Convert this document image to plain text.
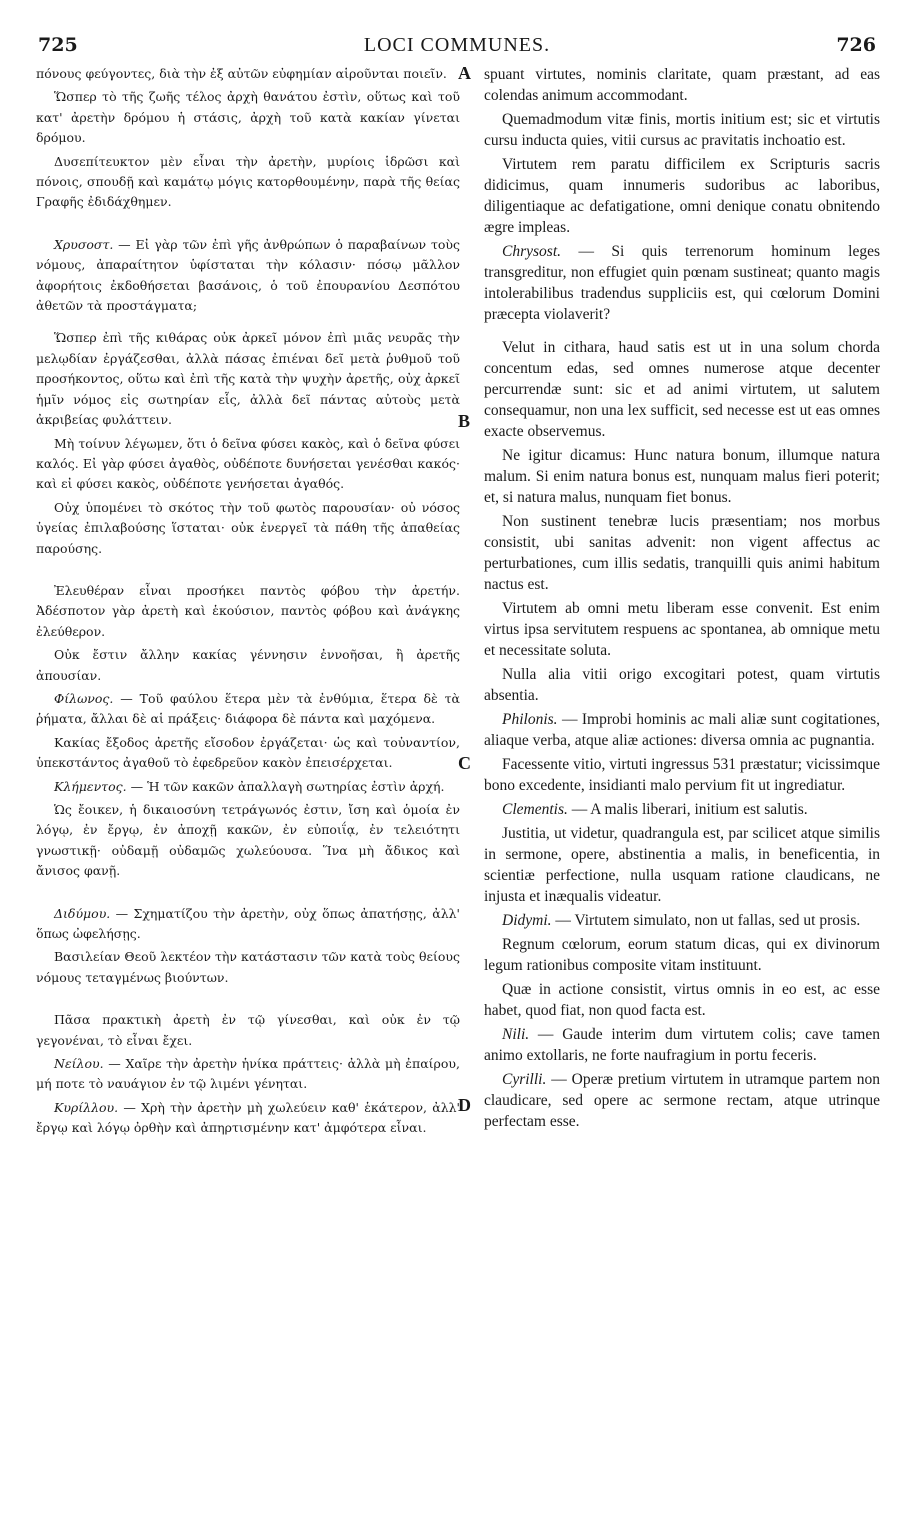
725	LOCI COMMUNES.	726

πόνους φεύγοντες, διὰ τὴν ἐξ αὐτῶν εὐφημίαν αἱροῦνται ποιεῖν.

Ὥσπερ τὸ τῆς ζωῆς τέλος ἀρχὴ θανάτου ἐστὶν, οὕτως καὶ τοῦ κατ' ἀρετὴν δρόμου ἡ στάσις, ἀρχὴ τοῦ κατὰ κακίαν γίνεται δρόμου.

Δυσεπίτευκτον μὲν εἶναι τὴν ἀρετὴν, μυρίοις ἱδρῶσι καὶ πόνοις, σπουδῇ καὶ καμάτῳ μόγις κατορθουμένην, παρὰ τῆς θείας Γραφῆς ἐδιδάχθημεν.

Χρυσοστ. — Εἰ γὰρ τῶν ἐπὶ γῆς ἀνθρώπων ὁ παραβαίνων τοὺς νόμους, ἀπαραίτητον ὑφίσταται τὴν κόλασιν· πόσῳ μᾶλλον ἀφορήτοις ἐκδοθήσεται βασάνοις, ὁ τοῦ ἐπουρανίου Δεσπότου ἀθετῶν τὰ προστάγματα;

Ὥσπερ ἐπὶ τῆς κιθάρας οὐκ ἀρκεῖ μόνον ἐπὶ μιᾶς νευρᾶς τὴν μελῳδίαν ἐργάζεσθαι, ἀλλὰ πάσας ἐπιέναι δεῖ μετὰ ῥυθμοῦ τοῦ προσήκοντος, οὕτω καὶ ἐπὶ τῆς κατὰ τὴν ψυχὴν ἀρετῆς, οὐχ ἀρκεῖ ἡμῖν νόμος εἰς σωτηρίαν εἷς, ἀλλὰ δεῖ πάντας αὐτοὺς μετὰ ἀκριβείας φυλάττειν.

Μὴ τοίνυν λέγωμεν, ὅτι ὁ δεῖνα φύσει κακὸς, καὶ ὁ δεῖνα φύσει καλός. Εἰ γὰρ φύσει ἀγαθὸς, οὐδέποτε δυνήσεται γενέσθαι κακός· καὶ εἰ φύσει κακὸς, οὐδέποτε γενήσεται ἀγαθός.

Οὐχ ὑπομένει τὸ σκότος τὴν τοῦ φωτὸς παρουσίαν· οὐ νόσος ὑγείας ἐπιλαβούσης ἵσταται· οὐκ ἐνεργεῖ τὰ πάθη τῆς ἀπαθείας παρούσης.

Ἐλευθέραν εἶναι προσήκει παντὸς φόβου τὴν ἀρετήν. Ἀδέσποτον γὰρ ἀρετὴ καὶ ἑκούσιον, παντὸς φόβου καὶ ἀνάγκης ἐλεύθερον.

Οὐκ ἔστιν ἄλλην κακίας γέννησιν ἐννοῆσαι, ἢ ἀρετῆς ἀπουσίαν.

Φίλωνος. — Τοῦ φαύλου ἕτερα μὲν τὰ ἐνθύμια, ἕτερα δὲ τὰ ῥήματα, ἄλλαι δὲ αἱ πράξεις· διάφορα δὲ πάντα καὶ μαχόμενα.

Κακίας ἔξοδος ἀρετῆς εἴσοδον ἐργάζεται· ὡς καὶ τοὐναντίον, ὑπεκστάντος ἀγαθοῦ τὸ ἐφεδρεῦον κακὸν ἐπεισέρχεται.

Κλήμεντος. — Ἡ τῶν κακῶν ἀπαλλαγὴ σωτηρίας ἐστὶν ἀρχή.

Ὡς ἔοικεν, ἡ δικαιοσύνη τετράγωνός ἐστιν, ἴση καὶ ὁμοία ἐν λόγῳ, ἐν ἔργῳ, ἐν ἀποχῇ κακῶν, ἐν εὐποιΐᾳ, ἐν τελειότητι γνωστικῇ· οὐδαμῇ οὐδαμῶς χωλεύουσα. Ἵνα μὴ ἄδικος καὶ ἄνισος φανῇ.

Διδύμου. — Σχηματίζου τὴν ἀρετὴν, οὐχ ὅπως ἀπατήσῃς, ἀλλ' ὅπως ὠφελήσῃς.

Βασιλείαν Θεοῦ λεκτέον τὴν κατάστασιν τῶν κατὰ τοὺς θείους νόμους τεταγμένως βιούντων.

Πᾶσα πρακτικὴ ἀρετὴ ἐν τῷ γίνεσθαι, καὶ οὐκ ἐν τῷ γεγονέναι, τὸ εἶναι ἔχει.

Νείλου. — Χαῖρε τὴν ἀρετὴν ἡνίκα πράττεις· ἀλλὰ μὴ ἐπαίρου, μή ποτε τὸ ναυάγιον ἐν τῷ λιμένι γένηται.

Κυρίλλου. — Χρὴ τὴν ἀρετὴν μὴ χωλεύειν καθ' ἑκάτερον, ἀλλ' ἔργῳ καὶ λόγῳ ὀρθὴν καὶ ἀπηρτισμένην κατ' ἀμφότερα εἶναι.

A
B
C
D

spuant virtutes, nominis claritate, quam præstant, ad eas colendas animum accommodant.

Quemadmodum vitæ finis, mortis initium est; sic et virtutis cursu inducta quies, vitii cursus ac pravitatis inchoatio est.

Virtutem rem paratu difficilem ex Scripturis sacris didicimus, quam innumeris sudoribus ac laboribus, diligentiaque ac defatigatione, omni denique conatu obnitendo ægre impleas.

Chrysost. — Si quis terrenorum hominum leges transgreditur, non effugiet quin pœnam sustineat; quanto magis intolerabilibus tradendus suppliciis est, qui cœlorum Domini præcepta violaverit?

Velut in cithara, haud satis est ut in una solum chorda concentum edas, sed omnes numerose atque decenter percurrendæ sunt: sic et ad animi virtutem, ut salutem consequamur, non una lex sufficit, sed necesse est ut eas omnes exacte observemus.

Ne igitur dicamus: Hunc natura bonum, illumque natura malum. Si enim natura bonus est, nunquam malus fieri poterit; et, si natura malus, nunquam fiet bonus.

Non sustinent tenebræ lucis præsentiam; nos morbus consistit, ubi sanitas advenit: non vigent affectus ac perturbationes, cum illis sedatis, tranquilli quis animi habitum nactus est.

Virtutem ab omni metu liberam esse convenit. Est enim virtus ipsa servitutem respuens ac spontanea, ab omnique metu et necessitate soluta.

Nulla alia vitii origo excogitari potest, quam virtutis absentia.

Philonis. — Improbi hominis ac mali aliæ sunt cogitationes, aliaque verba, atque aliæ actiones: diversa omnia ac pugnantia.

Facessente vitio, virtuti ingressus 531 præstatur; vicissimque bono excedente, insidianti malo pervium fit ut ingrediatur.

Clementis. — A malis liberari, initium est salutis.

Justitia, ut videtur, quadrangula est, par scilicet atque similis in sermone, opere, abstinentia a malis, in beneficentia, in scientiæ perfectione, nulla usquam ratione claudicans, ne injusta et inæqualis videatur.

Didymi. — Virtutem simulato, non ut fallas, sed ut prosis.

Regnum cœlorum, eorum statum dicas, qui ex divinorum legum rationibus composite vitam instituunt.

Quæ in actione consistit, virtus omnis in eo est, ac esse habet, quod fiat, non quod facta est.

Nili. — Gaude interim dum virtutem colis; cave tamen animo extollaris, ne forte naufragium in portu feceris.

Cyrilli. — Operæ pretium virtutem in utramque partem non claudicare, sed opere ac sermone rectam, atque utrinque perfectam esse.
